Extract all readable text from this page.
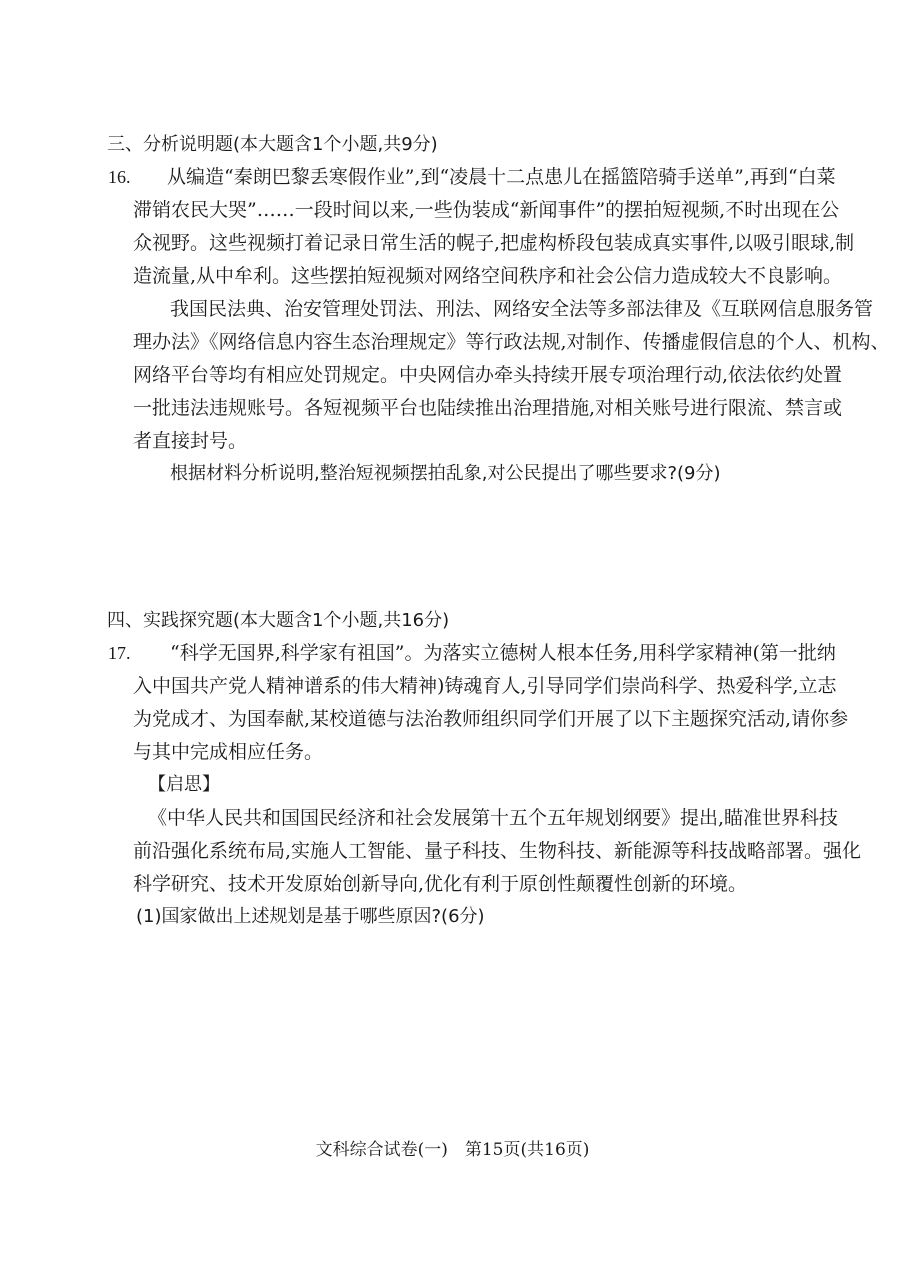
三、分析说明题(本大题含1个小题,共9分)
16. 从编造“秦朗巴黎丢寒假作业”,到“凌晨十二点患儿在摇篮陪骑手送单”,再到“白菜
滞销农民大哭”……一段时间以来,一些伪装成“新闻事件”的摆拍短视频,不时出现在公
众视野。这些视频打着记录日常生活的幌子,把虚构桥段包装成真实事件,以吸引眼球,制
造流量,从中牟利。这些摆拍短视频对网络空间秩序和社会公信力造成较大不良影响。
我国民法典、治安管理处罚法、刑法、网络安全法等多部法律及《互联网信息服务管
理办法》《网络信息内容生态治理规定》等行政法规,对制作、传播虚假信息的个人、机构、
网络平台等均有相应处罚规定。中央网信办牵头持续开展专项治理行动,依法依约处置
一批违法违规账号。各短视频平台也陆续推出治理措施,对相关账号进行限流、禁言或
者直接封号。
根据材料分析说明,整治短视频摆拍乱象,对公民提出了哪些要求?(9分)
四、实践探究题(本大题含1个小题,共16分)
17. “科学无国界,科学家有祖国”。为落实立德树人根本任务,用科学家精神(第一批纳
入中国共产党人精神谱系的伟大精神)铸魂育人,引导同学们崇尚科学、热爱科学,立志
为党成才、为国奉献,某校道德与法治教师组织同学们开展了以下主题探究活动,请你参
与其中完成相应任务。
【启思】
《中华人民共和国国民经济和社会发展第十五个五年规划纲要》提出,瞄准世界科技
前沿强化系统布局,实施人工智能、量子科技、生物科技、新能源等科技战略部署。强化
科学研究、技术开发原始创新导向,优化有利于原创性颠覆性创新的环境。
(1)国家做出上述规划是基于哪些原因?(6分)
文科综合试卷(一)　第15页(共16页)
